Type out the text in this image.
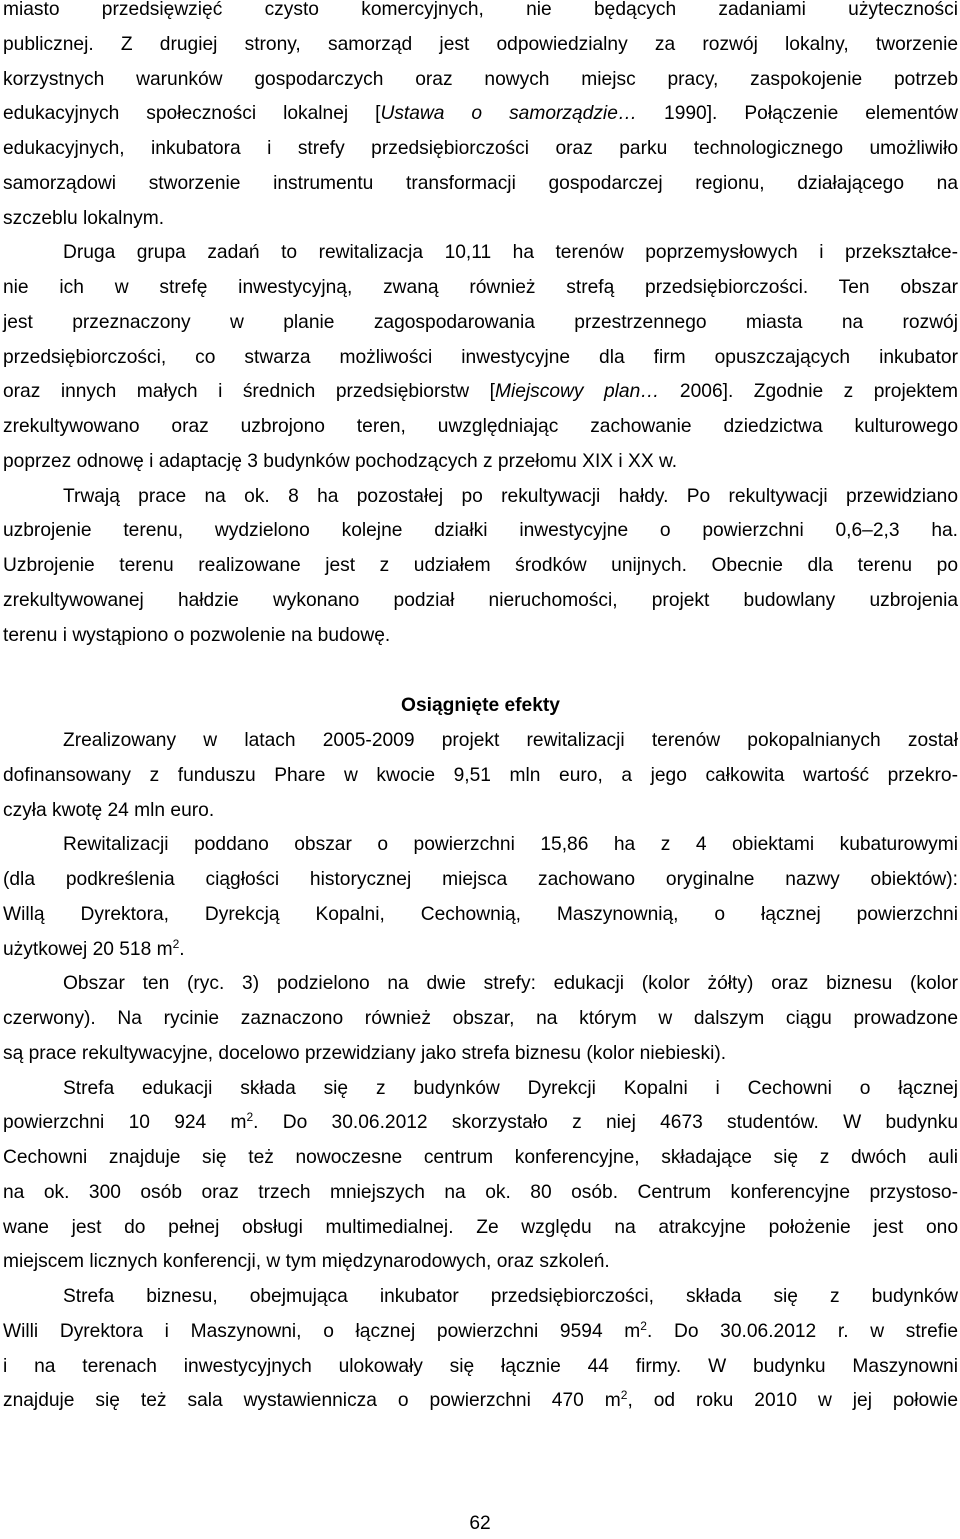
miasto przedsięwzięć czysto komercyjnych, nie będących zadaniami użyteczności
publicznej. Z drugiej strony, samorząd jest odpowiedzialny za rozwój lokalny, tworzenie
korzystnych warunków gospodarczych oraz nowych miejsc pracy, zaspokojenie potrzeb
edukacyjnych społeczności lokalnej [Ustawa o samorządzie… 1990]. Połączenie elementów
edukacyjnych, inkubatora i strefy przedsiębiorczości oraz parku technologicznego umożliwiło
samorządowi stworzenie instrumentu transformacji gospodarczej regionu, działającego na
szczeblu lokalnym.
Druga grupa zadań to rewitalizacja 10,11 ha terenów poprzemysłowych i przekształce-
nie ich w strefę inwestycyjną, zwaną również strefą przedsiębiorczości. Ten obszar
jest przeznaczony w planie zagospodarowania przestrzennego miasta na rozwój
przedsiębiorczości, co stwarza możliwości inwestycyjne dla firm opuszczających inkubator
oraz innych małych i średnich przedsiębiorstw [Miejscowy plan… 2006]. Zgodnie z projektem
zrekultywowano oraz uzbrojono teren, uwzględniając zachowanie dziedzictwa kulturowego
poprzez odnowę i adaptację 3 budynków pochodzących z przełomu XIX i XX w.
Trwają prace na ok. 8 ha pozostałej po rekultywacji hałdy. Po rekultywacji przewidziano
uzbrojenie terenu, wydzielono kolejne działki inwestycyjne o powierzchni 0,6–2,3 ha.
Uzbrojenie terenu realizowane jest z udziałem środków unijnych. Obecnie dla terenu po
zrekultywowanej hałdzie wykonano podział nieruchomości, projekt budowlany uzbrojenia
terenu i wystąpiono o pozwolenie na budowę.
Osiągnięte efekty
Zrealizowany w latach 2005-2009 projekt rewitalizacji terenów pokopalnianych został
dofinansowany z funduszu Phare w kwocie 9,51 mln euro, a jego całkowita wartość przekro-
czyła kwotę 24 mln euro.
Rewitalizacji poddano obszar o powierzchni 15,86 ha z 4 obiektami kubaturowymi
(dla podkreślenia ciągłości historycznej miejsca zachowano oryginalne nazwy obiektów):
Willą Dyrektora, Dyrekcją Kopalni, Cechownią, Maszynownią, o łącznej powierzchni
użytkowej 20 518 $m^2$.
Obszar ten (ryc. 3) podzielono na dwie strefy: edukacji (kolor żółty) oraz biznesu (kolor
czerwony). Na rycinie zaznaczono również obszar, na którym w dalszym ciągu prowadzone
są prace rekultywacyjne, docelowo przewidziany jako strefa biznesu (kolor niebieski).
Strefa edukacji składa się z budynków Dyrekcji Kopalni i Cechowni o łącznej
powierzchni 10 924 $m^2$. Do 30.06.2012 skorzystało z niej 4673 studentów. W budynku
Cechowni znajduje się też nowoczesne centrum konferencyjne, składające się z dwóch auli
na ok. 300 osób oraz trzech mniejszych na ok. 80 osób. Centrum konferencyjne przystoso-
wane jest do pełnej obsługi multimedialnej. Ze względu na atrakcyjne położenie jest ono
miejscem licznych konferencji, w tym międzynarodowych, oraz szkoleń.
Strefa biznesu, obejmująca inkubator przedsiębiorczości, składa się z budynków
Willi Dyrektora i Maszynowni, o łącznej powierzchni 9594 $m^2$. Do 30.06.2012 r. w strefie
i na terenach inwestycyjnych ulokowały się łącznie 44 firmy. W budynku Maszynowni
znajduje się też sala wystawiennicza o powierzchni 470 $m^2$, od roku 2010 w jej połowie
62
